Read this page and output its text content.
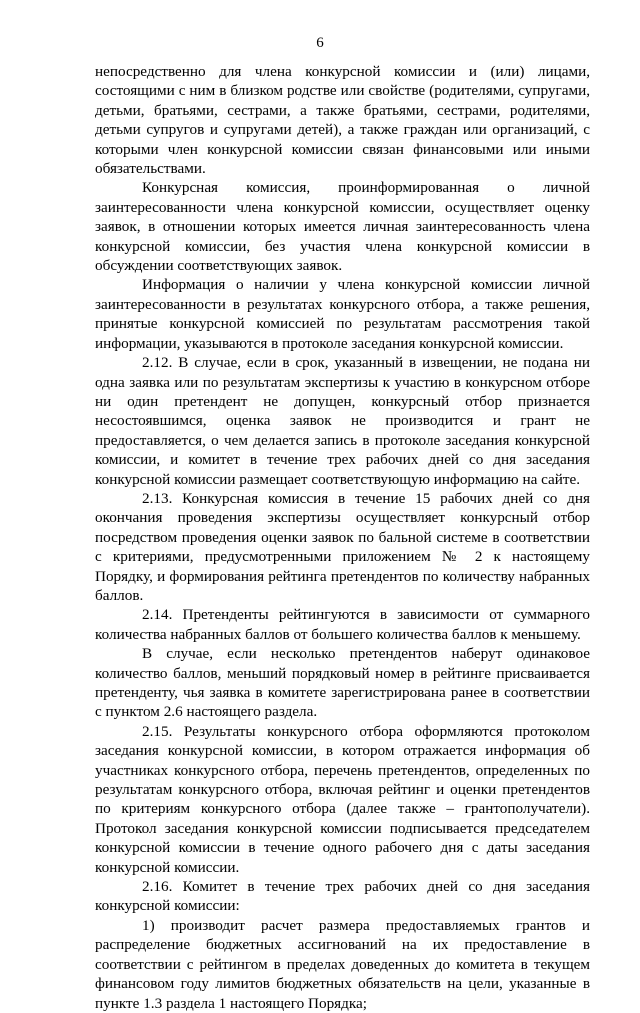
6

непосредственно для члена конкурсной комиссии и (или) лицами, состоящими с ним в близком родстве или свойстве (родителями, супругами, детьми, братьями, сестрами, а также братьями, сестрами, родителями, детьми супругов и супругами детей), а также граждан или организаций, с которыми член конкурсной комиссии связан финансовыми или иными обязательствами.

Конкурсная комиссия, проинформированная о личной заинтересованности члена конкурсной комиссии, осуществляет оценку заявок, в отношении которых имеется личная заинтересованность члена конкурсной комиссии, без участия члена конкурсной комиссии в обсуждении соответствующих заявок.

Информация о наличии у члена конкурсной комиссии личной заинтересованности в результатах конкурсного отбора, а также решения, принятые конкурсной комиссией по результатам рассмотрения такой информации, указываются в протоколе заседания конкурсной комиссии.

2.12. В случае, если в срок, указанный в извещении, не подана ни одна заявка или по результатам экспертизы к участию в конкурсном отборе ни один претендент не допущен, конкурсный отбор признается несостоявшимся, оценка заявок не производится и грант не предоставляется, о чем делается запись в протоколе заседания конкурсной комиссии, и комитет в течение трех рабочих дней со дня заседания конкурсной комиссии размещает соответствующую информацию на сайте.

2.13. Конкурсная комиссия в течение 15 рабочих дней со дня окончания проведения экспертизы осуществляет конкурсный отбор посредством проведения оценки заявок по бальной системе в соответствии с критериями, предусмотренными приложением № 2 к настоящему Порядку, и формирования рейтинга претендентов по количеству набранных баллов.

2.14. Претенденты рейтингуются в зависимости от суммарного количества набранных баллов от большего количества баллов к меньшему.

В случае, если несколько претендентов наберут одинаковое количество баллов, меньший порядковый номер в рейтинге присваивается претенденту, чья заявка в комитете зарегистрирована ранее в соответствии с пунктом 2.6 настоящего раздела.

2.15. Результаты конкурсного отбора оформляются протоколом заседания конкурсной комиссии, в котором отражается информация об участниках конкурсного отбора, перечень претендентов, определенных по результатам конкурсного отбора, включая рейтинг и оценки претендентов по критериям конкурсного отбора (далее также – грантополучатели). Протокол заседания конкурсной комиссии подписывается председателем конкурсной комиссии в течение одного рабочего дня с даты заседания конкурсной комиссии.

2.16. Комитет в течение трех рабочих дней со дня заседания конкурсной комиссии:

1) производит расчет размера предоставляемых грантов и распределение бюджетных ассигнований на их предоставление в соответствии с рейтингом в пределах доведенных до комитета в текущем финансовом году лимитов бюджетных обязательств на цели, указанные в пункте 1.3 раздела 1 настоящего Порядка;
